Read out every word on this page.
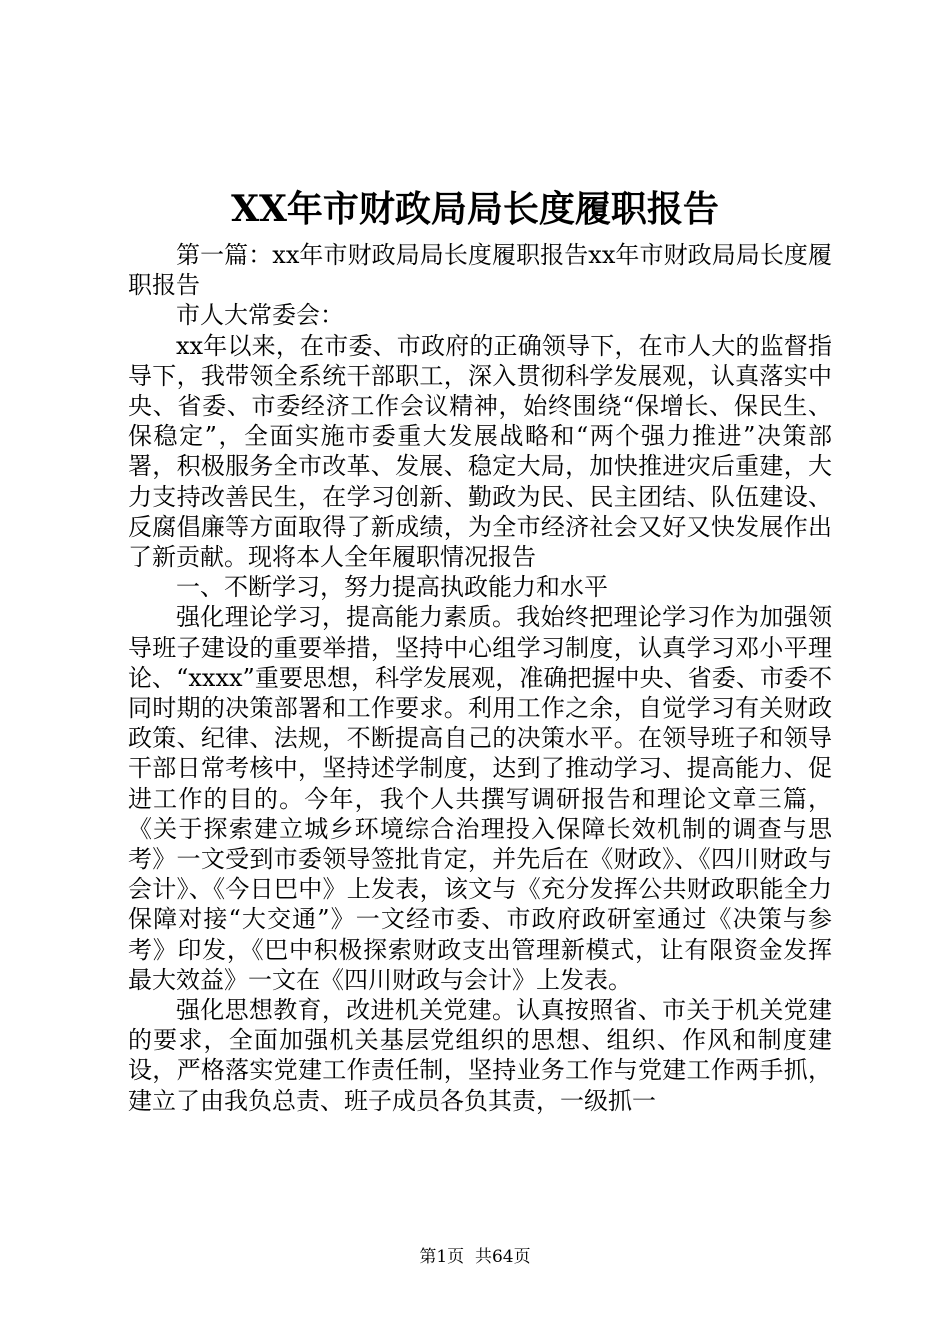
XX年市财政局局长度履职报告

第一篇：xx年市财政局局长度履职报告xx年市财政局局长度履职报告

市人大常委会：

xx年以来，在市委、市政府的正确领导下，在市人大的监督指导下，我带领全系统干部职工，深入贯彻科学发展观，认真落实中央、省委、市委经济工作会议精神，始终围绕“保增长、保民生、保稳定”，全面实施市委重大发展战略和“两个强力推进”决策部署，积极服务全市改革、发展、稳定大局，加快推进灾后重建，大力支持改善民生，在学习创新、勤政为民、民主团结、队伍建设、反腐倡廉等方面取得了新成绩，为全市经济社会又好又快发展作出了新贡献。现将本人全年履职情况报告

一、不断学习，努力提高执政能力和水平

强化理论学习，提高能力素质。我始终把理论学习作为加强领导班子建设的重要举措，坚持中心组学习制度，认真学习邓小平理论、“xxxx”重要思想，科学发展观，准确把握中央、省委、市委不同时期的决策部署和工作要求。利用工作之余，自觉学习有关财政政策、纪律、法规，不断提高自己的决策水平。在领导班子和领导干部日常考核中，坚持述学制度，达到了推动学习、提高能力、促进工作的目的。今年，我个人共撰写调研报告和理论文章三篇，《关于探索建立城乡环境综合治理投入保障长效机制的调查与思考》一文受到市委领导签批肯定，并先后在《财政》、《四川财政与会计》、《今日巴中》上发表，该文与《充分发挥公共财政职能全力保障对接“大交通”》一文经市委、市政府政研室通过《决策与参考》印发，《巴中积极探索财政支出管理新模式，让有限资金发挥最大效益》一文在《四川财政与会计》上发表。

强化思想教育，改进机关党建。认真按照省、市关于机关党建的要求，全面加强机关基层党组织的思想、组织、作风和制度建设，严格落实党建工作责任制，坚持业务工作与党建工作两手抓，建立了由我负总责、班子成员各负其责，一级抓一

第1页  共64页
